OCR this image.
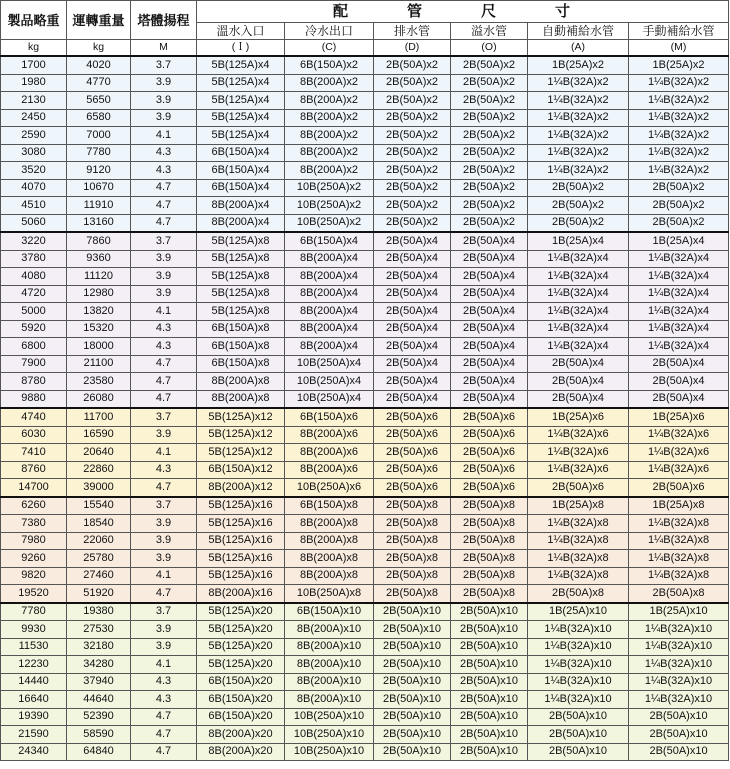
製品略重	運轉重量	塔體揚程	配　管　尺　寸					
			溫水入口	冷水出口	排水管	溢水管	自動補給水管	手動補給水管
kg	kg	M	(Ｉ)	(C)	(D)	(O)	(A)	(M)
1700	4020	3.7	5B(125A)x4	6B(150A)x2	2B(50A)x2	2B(50A)x2	1B(25A)x2	1B(25A)x2
1980	4770	3.9	5B(125A)x4	8B(200A)x2	2B(50A)x2	2B(50A)x2	1¼B(32A)x2	1¼B(32A)x2
2130	5650	3.9	5B(125A)x4	8B(200A)x2	2B(50A)x2	2B(50A)x2	1¼B(32A)x2	1¼B(32A)x2
2450	6580	3.9	5B(125A)x4	8B(200A)x2	2B(50A)x2	2B(50A)x2	1¼B(32A)x2	1¼B(32A)x2
2590	7000	4.1	5B(125A)x4	8B(200A)x2	2B(50A)x2	2B(50A)x2	1¼B(32A)x2	1¼B(32A)x2
3080	7780	4.3	6B(150A)x4	8B(200A)x2	2B(50A)x2	2B(50A)x2	1¼B(32A)x2	1¼B(32A)x2
3520	9120	4.3	6B(150A)x4	8B(200A)x2	2B(50A)x2	2B(50A)x2	1¼B(32A)x2	1¼B(32A)x2
4070	10670	4.7	6B(150A)x4	10B(250A)x2	2B(50A)x2	2B(50A)x2	2B(50A)x2	2B(50A)x2
4510	11910	4.7	8B(200A)x4	10B(250A)x2	2B(50A)x2	2B(50A)x2	2B(50A)x2	2B(50A)x2
5060	13160	4.7	8B(200A)x4	10B(250A)x2	2B(50A)x2	2B(50A)x2	2B(50A)x2	2B(50A)x2
3220	7860	3.7	5B(125A)x8	6B(150A)x4	2B(50A)x4	2B(50A)x4	1B(25A)x4	1B(25A)x4
3780	9360	3.9	5B(125A)x8	8B(200A)x4	2B(50A)x4	2B(50A)x4	1¼B(32A)x4	1¼B(32A)x4
4080	11120	3.9	5B(125A)x8	8B(200A)x4	2B(50A)x4	2B(50A)x4	1¼B(32A)x4	1¼B(32A)x4
4720	12980	3.9	5B(125A)x8	8B(200A)x4	2B(50A)x4	2B(50A)x4	1¼B(32A)x4	1¼B(32A)x4
5000	13820	4.1	5B(125A)x8	8B(200A)x4	2B(50A)x4	2B(50A)x4	1¼B(32A)x4	1¼B(32A)x4
5920	15320	4.3	6B(150A)x8	8B(200A)x4	2B(50A)x4	2B(50A)x4	1¼B(32A)x4	1¼B(32A)x4
6800	18000	4.3	6B(150A)x8	8B(200A)x4	2B(50A)x4	2B(50A)x4	1¼B(32A)x4	1¼B(32A)x4
7900	21100	4.7	6B(150A)x8	10B(250A)x4	2B(50A)x4	2B(50A)x4	2B(50A)x4	2B(50A)x4
8780	23580	4.7	8B(200A)x8	10B(250A)x4	2B(50A)x4	2B(50A)x4	2B(50A)x4	2B(50A)x4
9880	26080	4.7	8B(200A)x8	10B(250A)x4	2B(50A)x4	2B(50A)x4	2B(50A)x4	2B(50A)x4
4740	11700	3.7	5B(125A)x12	6B(150A)x6	2B(50A)x6	2B(50A)x6	1B(25A)x6	1B(25A)x6
6030	16590	3.9	5B(125A)x12	8B(200A)x6	2B(50A)x6	2B(50A)x6	1¼B(32A)x6	1¼B(32A)x6
7410	20640	4.1	5B(125A)x12	8B(200A)x6	2B(50A)x6	2B(50A)x6	1¼B(32A)x6	1¼B(32A)x6
8760	22860	4.3	6B(150A)x12	8B(200A)x6	2B(50A)x6	2B(50A)x6	1¼B(32A)x6	1¼B(32A)x6
14700	39000	4.7	8B(200A)x12	10B(250A)x6	2B(50A)x6	2B(50A)x6	2B(50A)x6	2B(50A)x6
6260	15540	3.7	5B(125A)x16	6B(150A)x8	2B(50A)x8	2B(50A)x8	1B(25A)x8	1B(25A)x8
7380	18540	3.9	5B(125A)x16	8B(200A)x8	2B(50A)x8	2B(50A)x8	1¼B(32A)x8	1¼B(32A)x8
7980	22060	3.9	5B(125A)x16	8B(200A)x8	2B(50A)x8	2B(50A)x8	1¼B(32A)x8	1¼B(32A)x8
9260	25780	3.9	5B(125A)x16	8B(200A)x8	2B(50A)x8	2B(50A)x8	1¼B(32A)x8	1¼B(32A)x8
9820	27460	4.1	5B(125A)x16	8B(200A)x8	2B(50A)x8	2B(50A)x8	1¼B(32A)x8	1¼B(32A)x8
19520	51920	4.7	8B(200A)x16	10B(250A)x8	2B(50A)x8	2B(50A)x8	2B(50A)x8	2B(50A)x8
7780	19380	3.7	5B(125A)x20	6B(150A)x10	2B(50A)x10	2B(50A)x10	1B(25A)x10	1B(25A)x10
9930	27530	3.9	5B(125A)x20	8B(200A)x10	2B(50A)x10	2B(50A)x10	1¼B(32A)x10	1¼B(32A)x10
11530	32180	3.9	5B(125A)x20	8B(200A)x10	2B(50A)x10	2B(50A)x10	1¼B(32A)x10	1¼B(32A)x10
12230	34280	4.1	5B(125A)x20	8B(200A)x10	2B(50A)x10	2B(50A)x10	1¼B(32A)x10	1¼B(32A)x10
14440	37940	4.3	6B(150A)x20	8B(200A)x10	2B(50A)x10	2B(50A)x10	1¼B(32A)x10	1¼B(32A)x10
16640	44640	4.3	6B(150A)x20	8B(200A)x10	2B(50A)x10	2B(50A)x10	1¼B(32A)x10	1¼B(32A)x10
19390	52390	4.7	6B(150A)x20	10B(250A)x10	2B(50A)x10	2B(50A)x10	2B(50A)x10	2B(50A)x10
21590	58590	4.7	8B(200A)x20	10B(250A)x10	2B(50A)x10	2B(50A)x10	2B(50A)x10	2B(50A)x10
24340	64840	4.7	8B(200A)x20	10B(250A)x10	2B(50A)x10	2B(50A)x10	2B(50A)x10	2B(50A)x10
